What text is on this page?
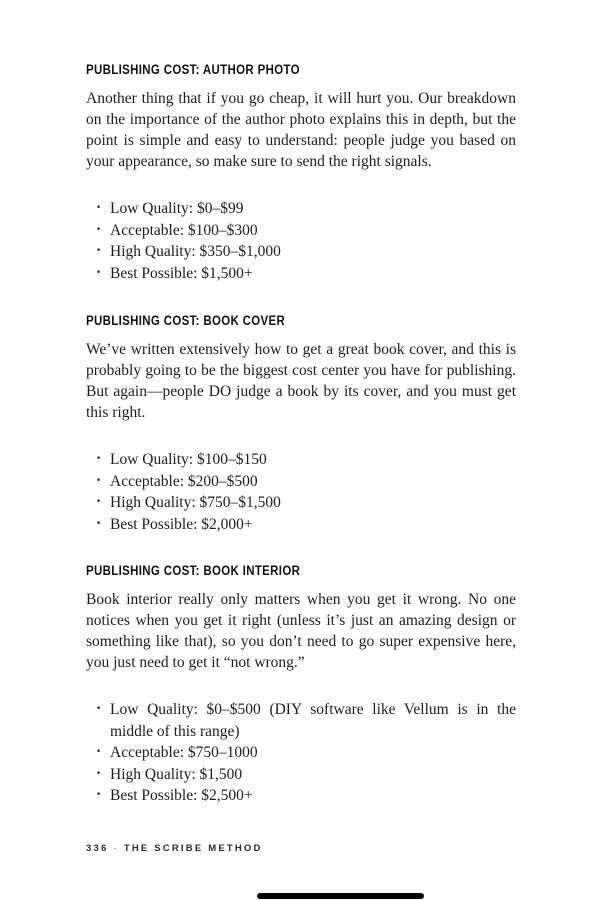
PUBLISHING COST: AUTHOR PHOTO

Another thing that if you go cheap, it will hurt you. Our breakdown on the importance of the author photo explains this in depth, but the point is simple and easy to understand: people judge you based on your appearance, so make sure to send the right signals.

· Low Quality: $0–$99
· Acceptable: $100–$300
· High Quality: $350–$1,000
· Best Possible: $1,500+
PUBLISHING COST: BOOK COVER

We’ve written extensively how to get a great book cover, and this is probably going to be the biggest cost center you have for publishing. But again—people DO judge a book by its cover, and you must get this right.

· Low Quality: $100–$150
· Acceptable: $200–$500
· High Quality: $750–$1,500
· Best Possible: $2,000+
PUBLISHING COST: BOOK INTERIOR

Book interior really only matters when you get it wrong. No one notices when you get it right (unless it’s just an amazing design or something like that), so you don’t need to go super expensive here, you just need to get it “not wrong.”

· Low Quality: $0–$500 (DIY software like Vellum is in the middle of this range)
· Acceptable: $750–1000
· High Quality: $1,500
· Best Possible: $2,500+
336 · THE SCRIBE METHOD
